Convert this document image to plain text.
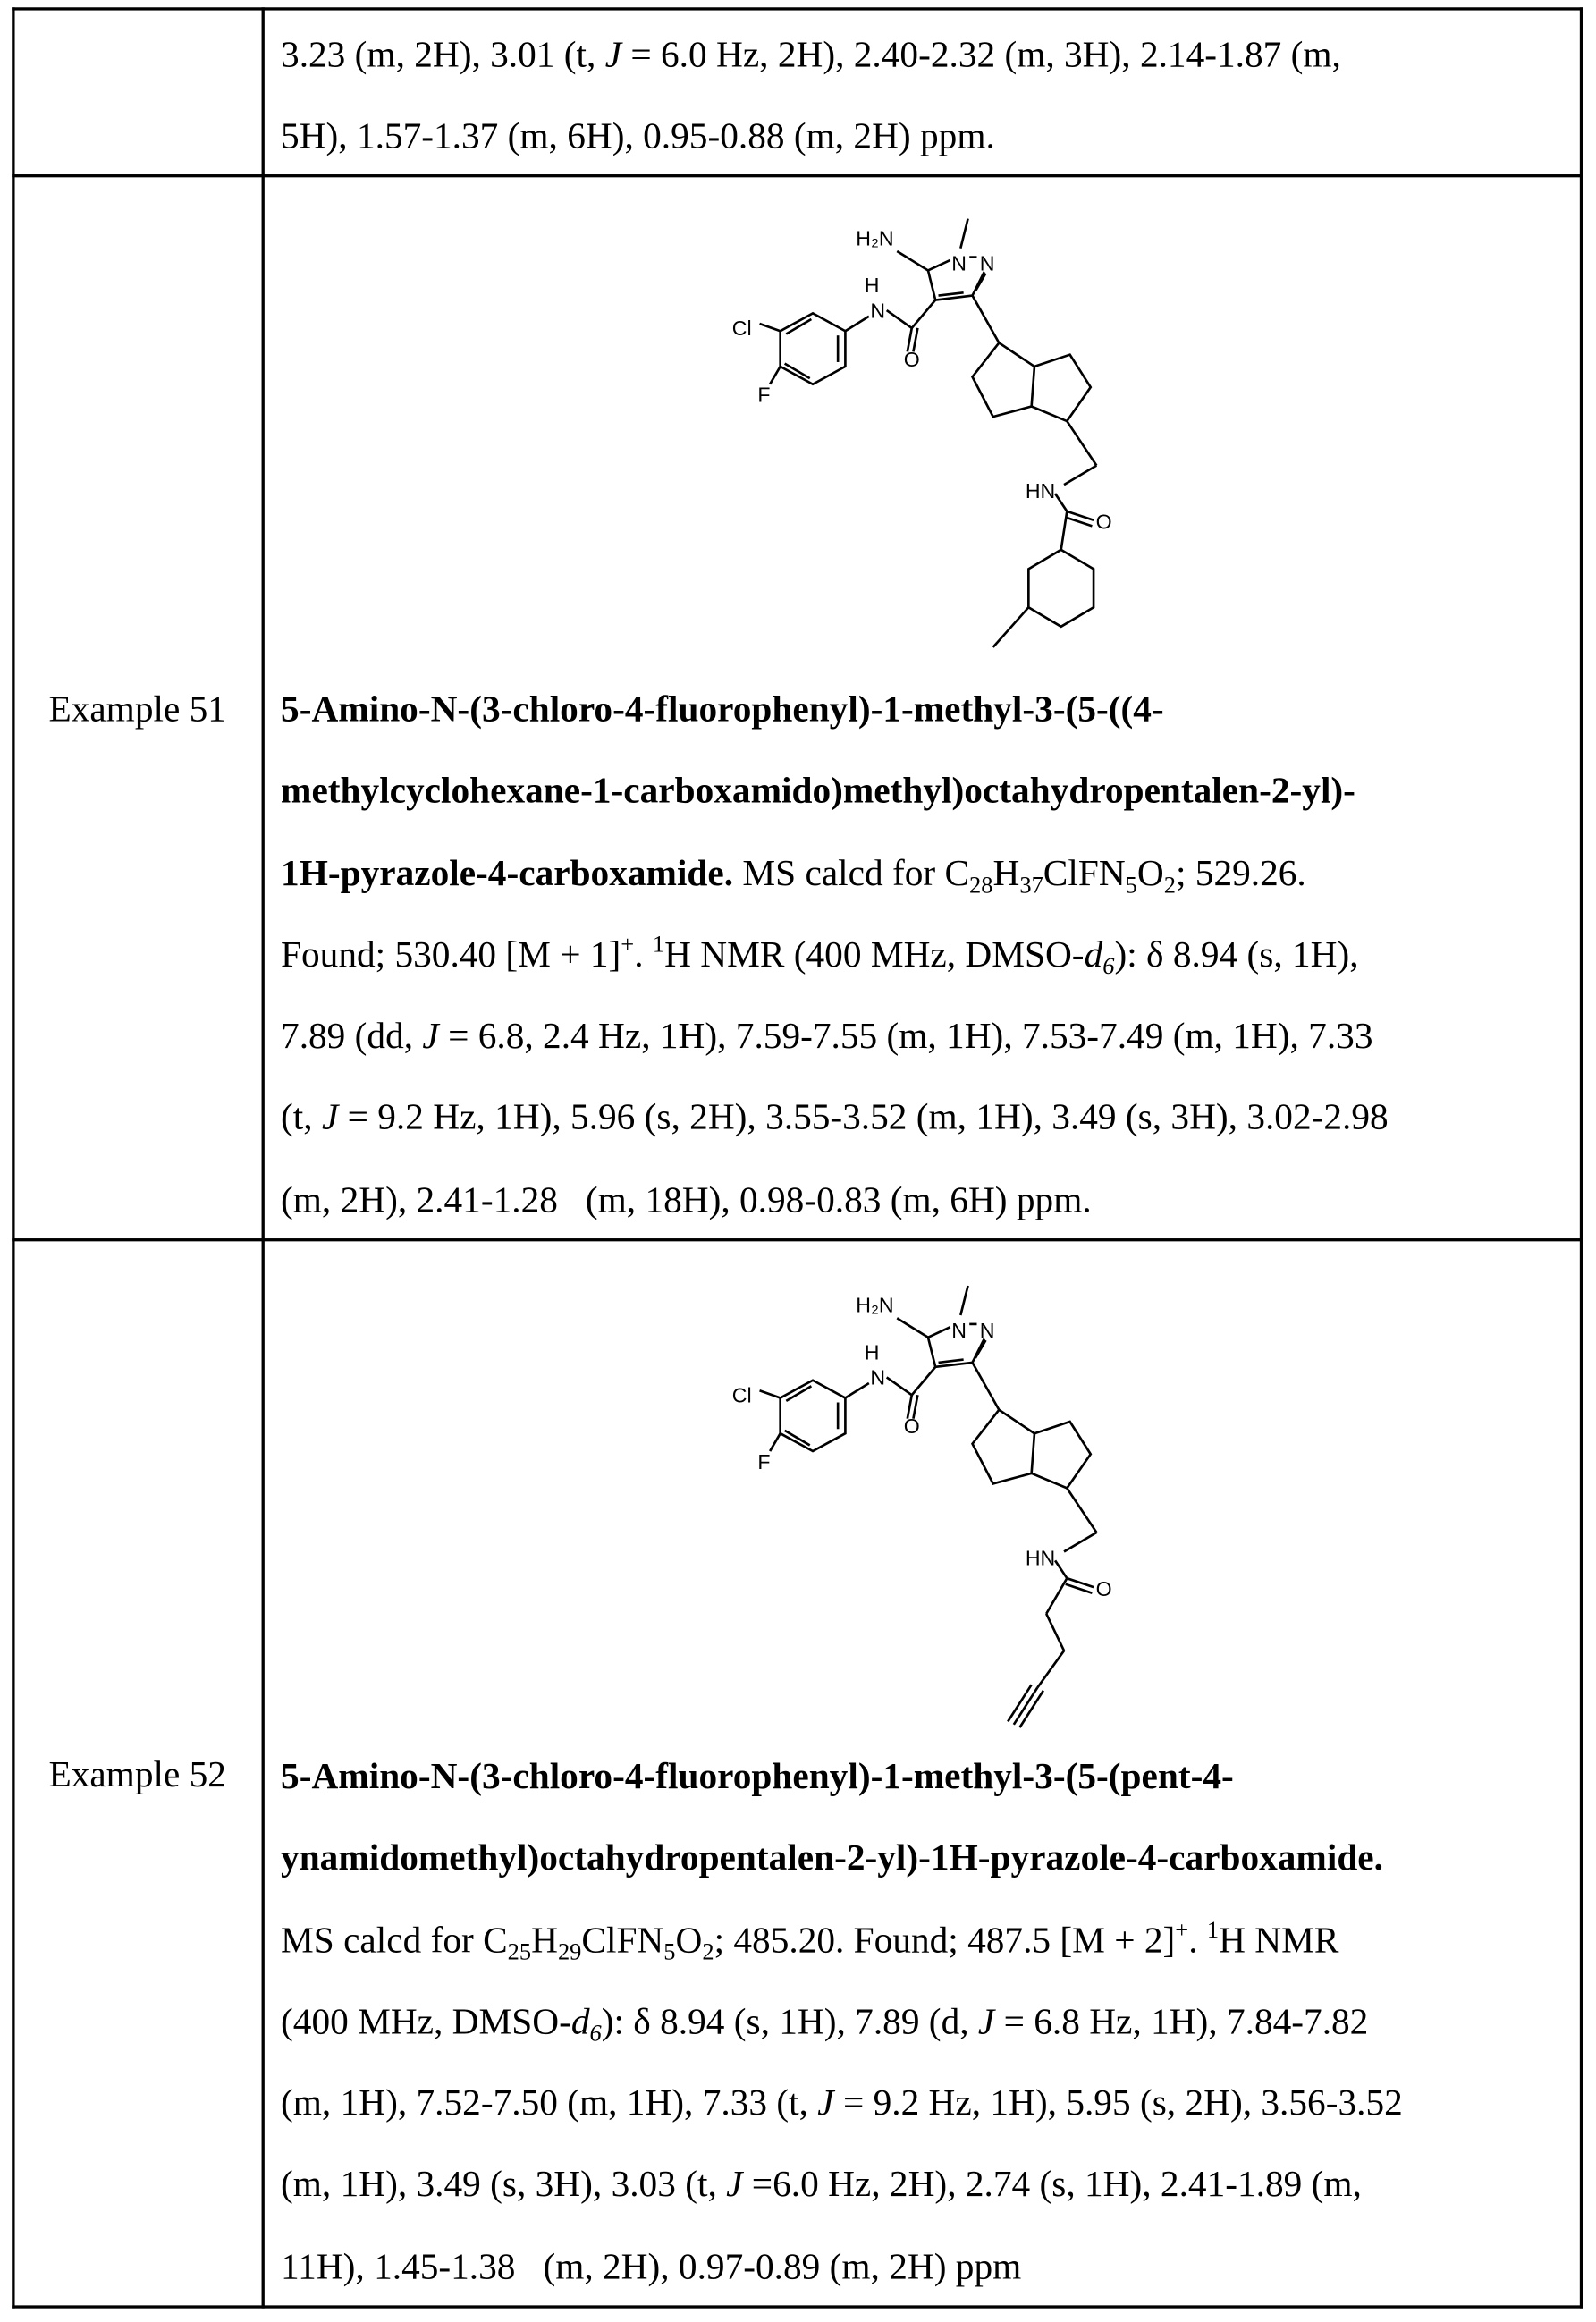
Example 51
Example 52
3.23 (m, 2H), 3.01 (t, J = 6.0 Hz, 2H), 2.40-2.32 (m, 3H), 2.14-1.87 (m,
5H), 1.57-1.37 (m, 6H), 0.95-0.88 (m, 2H) ppm.
5-Amino-N-(3-chloro-4-fluorophenyl)-1-methyl-3-(5-((4-
methylcyclohexane-1-carboxamido)methyl)octahydropentalen-2-yl)-
1H-pyrazole-4-carboxamide. MS calcd for C28H37ClFN5O2; 529.26.
Found; 530.40 [M + 1]+. 1H NMR (400 MHz, DMSO-d6): δ 8.94 (s, 1H),
7.89 (dd, J = 6.8, 2.4 Hz, 1H), 7.59-7.55 (m, 1H), 7.53-7.49 (m, 1H), 7.33
(t, J = 9.2 Hz, 1H), 5.96 (s, 2H), 3.55-3.52 (m, 1H), 3.49 (s, 3H), 3.02-2.98
(m, 2H), 2.41-1.28   (m, 18H), 0.98-0.83 (m, 6H) ppm.
5-Amino-N-(3-chloro-4-fluorophenyl)-1-methyl-3-(5-(pent-4-
ynamidomethyl)octahydropentalen-2-yl)-1H-pyrazole-4-carboxamide.
MS calcd for C25H29ClFN5O2; 485.20. Found; 487.5 [M + 2]+. 1H NMR
(400 MHz, DMSO-d6): δ 8.94 (s, 1H), 7.89 (d, J = 6.8 Hz, 1H), 7.84-7.82
(m, 1H), 7.52-7.50 (m, 1H), 7.33 (t, J = 9.2 Hz, 1H), 5.95 (s, 2H), 3.56-3.52
(m, 1H), 3.49 (s, 3H), 3.03 (t, J =6.0 Hz, 2H), 2.74 (s, 1H), 2.41-1.89 (m,
11H), 1.45-1.38   (m, 2H), 0.97-0.89 (m, 2H) ppm
H₂N
N N
H
N
O
Cl
F
HN
O
H₂N
N N
H
N
O
Cl
F
HN
O
